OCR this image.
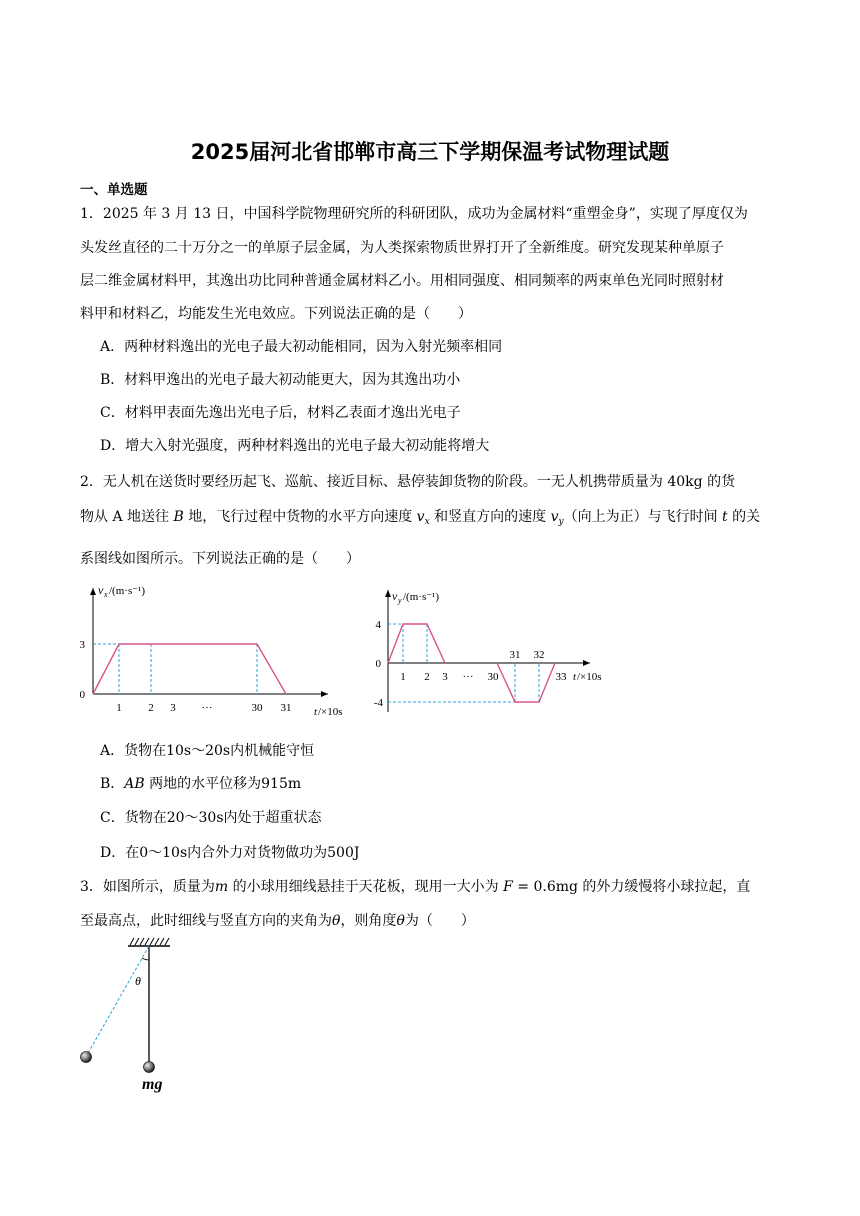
2025届河北省邯郸市高三下学期保温考试物理试题
一、单选题
1．2025 年 3 月 13 日，中国科学院物理研究所的科研团队，成功为金属材料“重塑金身”，实现了厚度仅为
头发丝直径的二十万分之一的单原子层金属，为人类探索物质世界打开了全新维度。研究发现某种单原子
层二维金属材料甲，其逸出功比同种普通金属材料乙小。用相同强度、相同频率的两束单色光同时照射材
料甲和材料乙，均能发生光电效应。下列说法正确的是（　　）
A．两种材料逸出的光电子最大初动能相同，因为入射光频率相同
B．材料甲逸出的光电子最大初动能更大，因为其逸出功小
C．材料甲表面先逸出光电子后，材料乙表面才逸出光电子
D．增大入射光强度，两种材料逸出的光电子最大初动能将增大
2．无人机在送货时要经历起飞、巡航、接近目标、悬停装卸货物的阶段。一无人机携带质量为 40kg 的货
物从 A 地送往 B 地，飞行过程中货物的水平方向速度 $v_x$ 和竖直方向的速度 $v_y$（向上为正）与飞行时间 t 的关
系图线如图所示。下列说法正确的是（　　）
v x /(m·s⁻¹)
t /×10s
1 2 3 ···	30 31
3
0
v y /(m·s⁻¹)
t /×10s
1 2 3 ··· 30	33
31 32
4
0
-4
A．货物在10s～20s内机械能守恒
B．AB 两地的水平位移为915m
C．货物在20～30s内处于超重状态
D．在0～10s内合外力对货物做功为500J
3．如图所示，质量为m 的小球用细线悬挂于天花板，现用一大小为 F = 0.6mg 的外力缓慢将小球拉起，直
至最高点，此时细线与竖直方向的夹角为θ，则角度θ为（　　）
θ
mg
